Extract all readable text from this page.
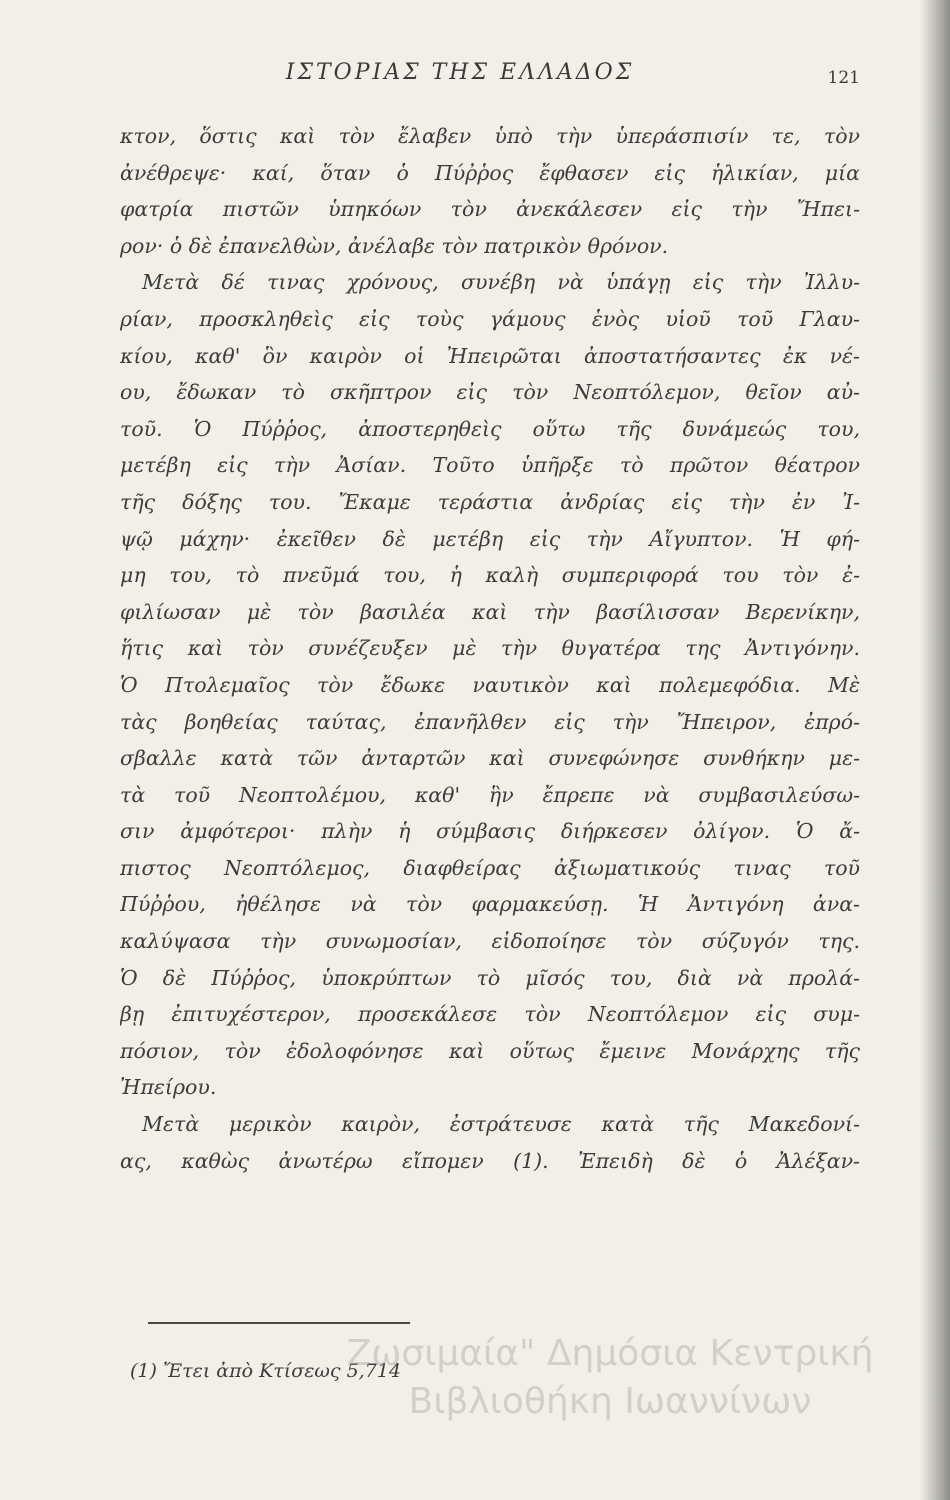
ΙΣΤΟΡΙΑΣ ΤΗΣ ΕΛΛΑΔΟΣ	121
κτον, ὅστις καὶ τὸν ἔλαβεν ὑπὸ τὴν ὑπεράσπισίν τε, τὸν
ἀνέθρεψε· καί, ὅταν ὁ Πύῤῥος ἔφθασεν εἰς ἡλικίαν, μία
φατρία πιστῶν ὑπηκόων τὸν ἀνεκάλεσεν εἰς τὴν Ἤπει-
ρον· ὁ δὲ ἐπανελθὼν, ἀνέλαβε τὸν πατρικὸν θρόνον.
Μετὰ δέ τινας χρόνους, συνέβη νὰ ὑπάγῃ εἰς τὴν Ἰλλυ-
ρίαν, προσκληθεὶς εἰς τοὺς γάμους ἑνὸς υἱοῦ τοῦ Γλαυ-
κίου, καθ' ὃν καιρὸν οἱ Ἠπειρῶται ἀποστατήσαντες ἐκ νέ-
ου, ἔδωκαν τὸ σκῆπτρον εἰς τὸν Νεοπτόλεμον, θεῖον αὐ-
τοῦ. Ὁ Πύῤῥος, ἀποστερηθεὶς οὕτω τῆς δυνάμεώς του,
μετέβη εἰς τὴν Ἀσίαν. Τοῦτο ὑπῆρξε τὸ πρῶτον θέατρον
τῆς δόξης του. Ἔκαμε τεράστια ἀνδρίας εἰς τὴν ἐν Ἰ-
ψῷ μάχην· ἐκεῖθεν δὲ μετέβη εἰς τὴν Αἴγυπτον. Ἡ φή-
μη του, τὸ πνεῦμά του, ἡ καλὴ συμπεριφορά του τὸν ἐ-
φιλίωσαν μὲ τὸν βασιλέα καὶ τὴν βασίλισσαν Βερενίκην,
ἥτις καὶ τὸν συνέζευξεν μὲ τὴν θυγατέρα της Ἀντιγόνην.
Ὁ Πτολεμαῖος τὸν ἔδωκε ναυτικὸν καὶ πολεμεφόδια. Μὲ
τὰς βοηθείας ταύτας, ἐπανῆλθεν εἰς τὴν Ἤπειρον, ἐπρό-
σβαλλε κατὰ τῶν ἀνταρτῶν καὶ συνεφώνησε συνθήκην με-
τὰ τοῦ Νεοπτολέμου, καθ' ἣν ἔπρεπε νὰ συμβασιλεύσω-
σιν ἀμφότεροι· πλὴν ἡ σύμβασις διήρκεσεν ὀλίγον. Ὁ ἄ-
πιστος Νεοπτόλεμος, διαφθείρας ἀξιωματικούς τινας τοῦ
Πύῤῥου, ἠθέλησε νὰ τὸν φαρμακεύσῃ. Ἡ Ἀντιγόνη ἀνα-
καλύψασα τὴν συνωμοσίαν, εἰδοποίησε τὸν σύζυγόν της.
Ὁ δὲ Πύῤῥος, ὑποκρύπτων τὸ μῖσός του, διὰ νὰ προλά-
βῃ ἐπιτυχέστερον, προσεκάλεσε τὸν Νεοπτόλεμον εἰς συμ-
πόσιον, τὸν ἐδολοφόνησε καὶ οὕτως ἔμεινε Μονάρχης τῆς
Ἠπείρου.
Μετὰ μερικὸν καιρὸν, ἐστράτευσε κατὰ τῆς Μακεδονί-
ας, καθὼς ἀνωτέρω εἴπομεν (1). Ἐπειδὴ δὲ ὁ Ἀλέξαν-
(1) Ἔτει ἀπὸ Κτίσεως 5,714
Ζωσιμαία" Δημόσια Κεντρική
Βιβλιοθήκη Ιωαννίνων
